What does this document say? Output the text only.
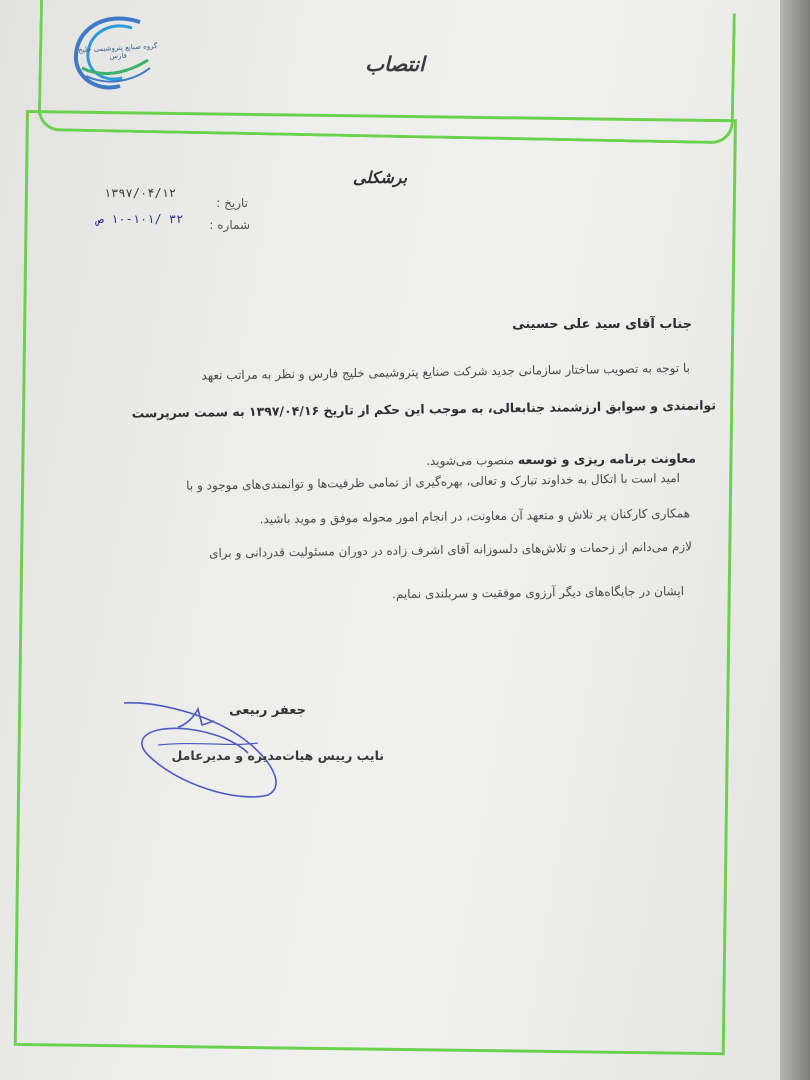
گروه صنایع پتروشیمی خلیج فارس	انتصاب
برشکلی
تاریخ :
شماره :
۱۳۹۷/۰۴/۱۲
۳۲ /۱۰-۱۰۱ ص
جناب آقای سید علی حسینی
با توجه به تصویب ساختار سازمانی جدید شرکت صنایع پتروشیمی خلیج فارس و نظر به مراتب تعهد
توانمندی و سوابق ارزشمند جنابعالی، به موجب این حکم از تاریخ ۱۳۹۷/۰۴/۱۶ به سمت سرپرست
معاونت برنامه ریزی و توسعه منصوب می‌شوید.
امید است با اتکال به خداوند تبارک و تعالی، بهره‌گیری از تمامی ظرفیت‌ها و توانمندی‌های موجود و با
همکاری کارکنان پر تلاش و متعهد آن معاونت، در انجام امور محوله موفق و موید باشید.
لازم می‌دانم از زحمات و تلاش‌های دلسوزانه آقای اشرف زاده در دوران مسئولیت قدردانی و برای
ایشان در جایگاه‌های دیگر آرزوی موفقیت و سربلندی نمایم.
جعفر ربیعی
نایب رییس هیات‌مدیره و مدیرعامل
